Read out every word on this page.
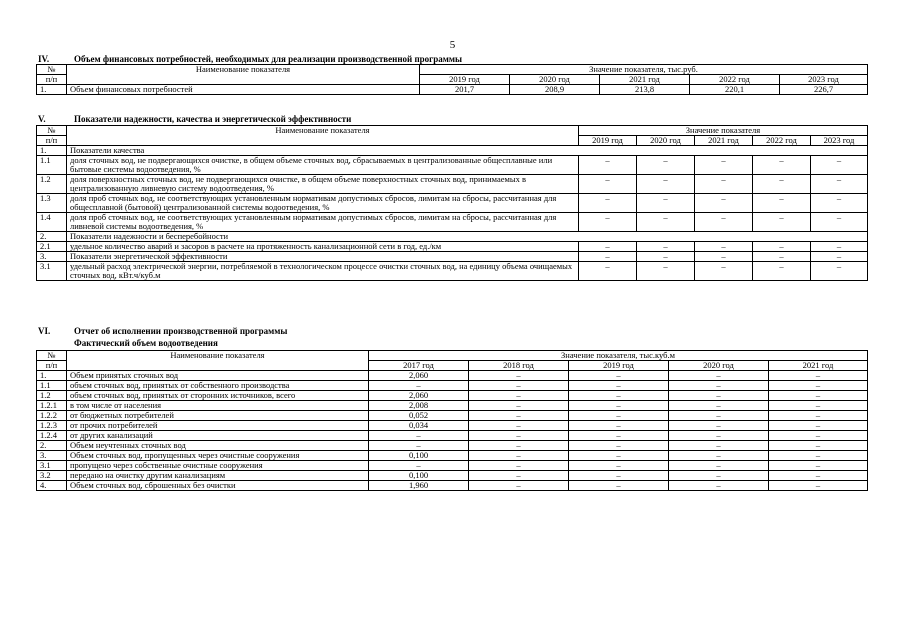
5
IV.	Объем финансовых потребностей, необходимых для реализации производственной программы
№	Наименование показателя	Значение показателя, тыс.руб.				
п/п		2019 год	2020 год	2021 год	2022 год	2023 год
1.	Объем финансовых потребностей	201,7	208,9	213,8	220,1	226,7
V.	Показатели надежности, качества и энергетической эффективности
№	Наименование показателя	Значение показателя				
п/п		2019 год	2020 год	2021 год	2022 год	2023 год
1.	Показатели качества					
1.1	доля сточных вод, не подвергающихся очистке, в общем объеме сточных вод, сбрасываемых в централизованные общесплавные или бытовые системы водоотведения, %	–	–	–	–	–
1.2	доля поверхностных сточных вод, не подвергающихся очистке, в общем объеме поверхностных сточных вод, принимаемых в централизованную ливневую систему водоотведения, %	–	–	–	–	–
1.3	доля проб сточных вод, не соответствующих установленным нормативам допустимых сбросов, лимитам на сбросы, рассчитанная для общесплавной (бытовой) централизованной системы водоотведения, %	–	–	–	–	–
1.4	доля проб сточных вод, не соответствующих установленным нормативам допустимых сбросов, лимитам на сбросы, рассчитанная для ливневой системы водоотведения, %	–	–	–	–	–
2.	Показатели надежности и бесперебойности					
2.1	удельное количество аварий и засоров в расчете на протяженность канализационной сети в год, ед./км	–	–	–	–	–
3.	Показатели энергетической эффективности	–	–	–	–	–
3.1	удельный расход электрической энергии, потребляемой в технологическом процессе очистки сточных вод, на единицу объема очищаемых сточных вод, кВт.ч/куб.м	–	–	–	–	–
VI.	Отчет об исполнении производственной программы
Фактический объем водоотведения
№	Наименование показателя	Значение показателя, тыс.куб.м				
п/п		2017 год	2018 год	2019 год	2020 год	2021 год
1.	Объем принятых сточных вод	2,060	–	–	–	–
1.1	объем сточных вод, принятых от собственного производства	–	–	–	–	–
1.2	объем сточных вод, принятых от сторонних источников, всего	2,060	–	–	–	–
1.2.1	в том числе от населения	2,008	–	–	–	–
1.2.2	от бюджетных потребителей	0,052	–	–	–	–
1.2.3	от прочих потребителей	0,034	–	–	–	–
1.2.4	от других канализаций	–	–	–	–	–
2.	Объем неучтенных сточных вод	–	–	–	–	–
3.	Объем сточных вод, пропущенных через очистные сооружения	0,100	–	–	–	–
3.1	пропущено через собственные очистные сооружения	–	–	–	–	–
3.2	передано на очистку другим канализациям	0,100	–	–	–	–
4.	Объем сточных вод, сброшенных без очистки	1,960	–	–	–	–
